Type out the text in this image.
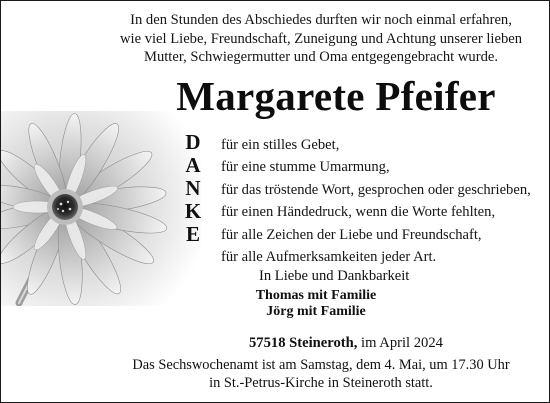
In den Stunden des Abschiedes durften wir noch einmal erfahren,
wie viel Liebe, Freundschaft, Zuneigung und Achtung unserer lieben
Mutter, Schwiegermutter und Oma entgegengebracht wurde.
Margarete Pfeifer
D
A
N
K
E
für ein stilles Gebet,
für eine stumme Umarmung,
für das tröstende Wort, gesprochen oder geschrieben,
für einen Händedruck, wenn die Worte fehlten,
für alle Zeichen der Liebe und Freundschaft,
für alle Aufmerksamkeiten jeder Art.
In Liebe und Dankbarkeit
Thomas mit Familie
Jörg mit Familie
57518 Steineroth, im April 2024
Das Sechswochenamt ist am Samstag, dem 4. Mai, um 17.30 Uhr
in St.-Petrus-Kirche in Steineroth statt.
